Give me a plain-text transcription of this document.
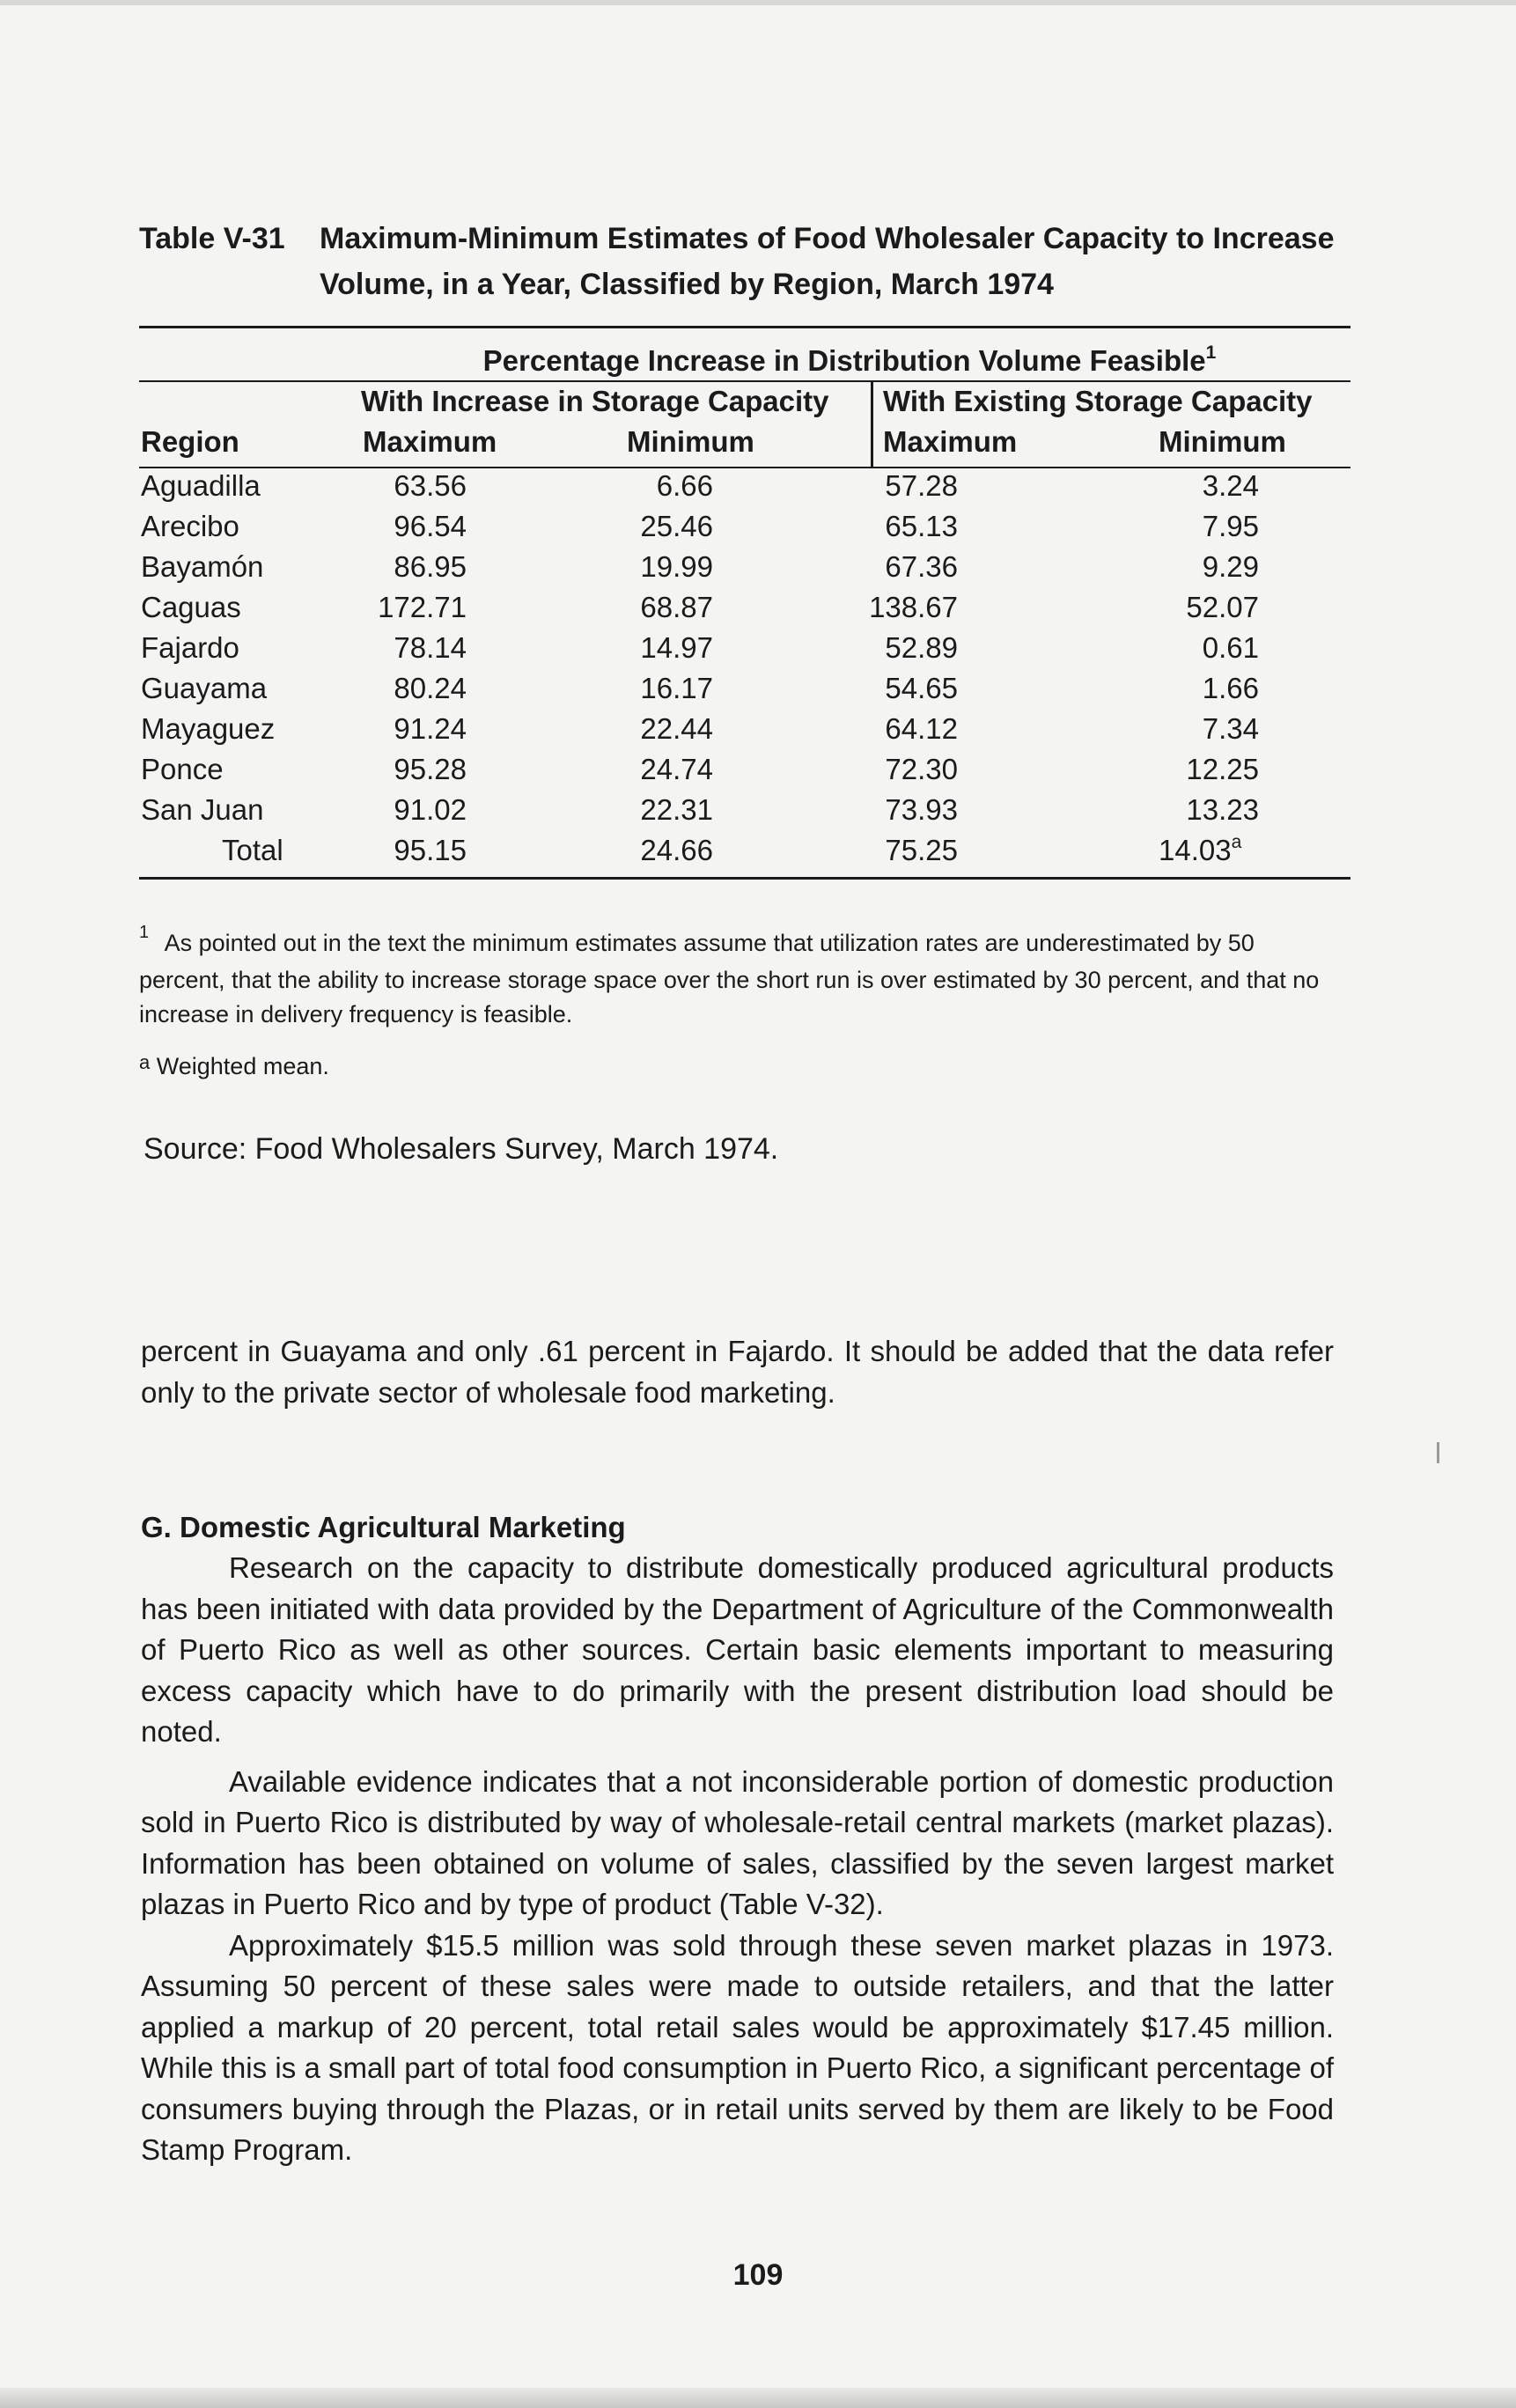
Table V-31	Maximum-Minimum Estimates of Food Wholesaler Capacity to Increase Volume, in a Year, Classified by Region, March 1974
Percentage Increase in Distribution Volume Feasible$^1$
With Increase in Storage Capacity With Existing Storage Capacity
Region	Maximum	Minimum	Maximum	Minimum
Aguadilla	63.56	6.66	57.28	3.24
Arecibo	96.54	25.46	65.13	7.95
Bayamón	86.95	19.99	67.36	9.29
Caguas	172.71	68.87	138.67	52.07
Fajardo	78.14	14.97	52.89	0.61
Guayama	80.24	16.17	54.65	1.66
Mayaguez	91.24	22.44	64.12	7.34
Ponce	95.28	24.74	72.30	12.25
San Juan	91.02	22.31	73.93	13.23
Total	95.15	24.66	75.25	14.03$^a$
$^1$ As pointed out in the text the minimum estimates assume that utilization rates are underestimated by 50 percent, that the ability to increase storage space over the short run is over estimated by 30 percent, and that no increase in delivery frequency is feasible.
$^a$ Weighted mean.
Source: Food Wholesalers Survey, March 1974.

percent in Guayama and only .61 percent in Fajardo. It should be added that the data refer only to the private sector of wholesale food marketing.

G. Domestic Agricultural Marketing

Research on the capacity to distribute domestically produced agricultural products has been initiated with data provided by the Department of Agriculture of the Commonwealth of Puerto Rico as well as other sources. Certain basic elements important to measuring excess capacity which have to do primarily with the present distribution load should be noted.

Available evidence indicates that a not inconsiderable portion of domestic production sold in Puerto Rico is distributed by way of wholesale-retail central markets (market plazas). Information has been obtained on volume of sales, classified by the seven largest market plazas in Puerto Rico and by type of product (Table V-32).

Approximately $15.5 million was sold through these seven market plazas in 1973. Assuming 50 percent of these sales were made to outside retailers, and that the latter applied a markup of 20 percent, total retail sales would be approximately $17.45 million. While this is a small part of total food consumption in Puerto Rico, a significant percentage of consumers buying through the Plazas, or in retail units served by them are likely to be Food Stamp Program.

109
